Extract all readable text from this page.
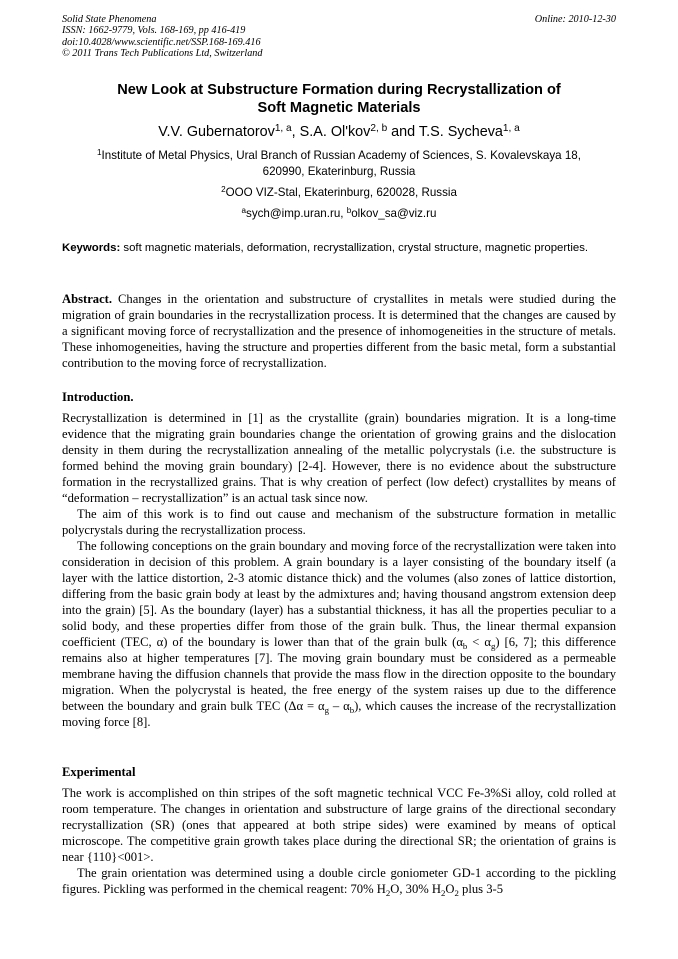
Solid State Phenomena
ISSN: 1662-9779, Vols. 168-169, pp 416-419
doi:10.4028/www.scientific.net/SSP.168-169.416
© 2011 Trans Tech Publications Ltd, Switzerland
Online: 2010-12-30
New Look at Substructure Formation during Recrystallization of
Soft Magnetic Materials
V.V. Gubernatorov$^{1, a}$, S.A. Ol'kov$^{2, b}$ and T.S. Sycheva$^{1, a}$
$^1$Institute of Metal Physics, Ural Branch of Russian Academy of Sciences, S. Kovalevskaya 18,
620990, Ekaterinburg, Russia
$^2$OOO VIZ-Stal, Ekaterinburg, 620028, Russia
$^a$sych@imp.uran.ru, $^b$olkov_sa@viz.ru
Keywords: soft magnetic materials, deformation, recrystallization, crystal structure, magnetic properties.

Abstract. Changes in the orientation and substructure of crystallites in metals were studied during the migration of grain boundaries in the recrystallization process. It is determined that the changes are caused by a significant moving force of recrystallization and the presence of inhomogeneities in the structure of metals. These inhomogeneities, having the structure and properties different from the basic metal, form a substantial contribution to the moving force of recrystallization.

Introduction.

Recrystallization is determined in [1] as the crystallite (grain) boundaries migration. It is a long-time evidence that the migrating grain boundaries change the orientation of growing grains and the dislocation density in them during the recrystallization annealing of the metallic polycrystals (i.e. the substructure is formed behind the moving grain boundary) [2-4]. However, there is no evidence about the substructure formation in the recrystallized grains. That is why creation of perfect (low defect) crystallites by means of “deformation – recrystallization” is an actual task since now.

The aim of this work is to find out cause and mechanism of the substructure formation in metallic polycrystals during the recrystallization process.

The following conceptions on the grain boundary and moving force of the recrystallization were taken into consideration in decision of this problem. A grain boundary is a layer consisting of the boundary itself (a layer with the lattice distortion, 2-3 atomic distance thick) and the volumes (also zones of lattice distortion, differing from the basic grain body at least by the admixtures and; having thousand angstrom extension deep into the grain) [5]. As the boundary (layer) has a substantial thickness, it has all the properties peculiar to a solid body, and these properties differ from those of the grain bulk. Thus, the linear thermal expansion coefficient (TEC, α) of the boundary is lower than that of the grain bulk $(\alpha_b < \alpha_g)$ [6, 7]; this difference remains also at higher temperatures [7]. The moving grain boundary must be considered as a permeable membrane having the diffusion channels that provide the mass flow in the direction opposite to the boundary migration. When the polycrystal is heated, the free energy of the system raises up due to the difference between the boundary and grain bulk TEC $(\Delta\alpha = \alpha_g - \alpha_b)$, which causes the increase of the recrystallization moving force [8].

Experimental

The work is accomplished on thin stripes of the soft magnetic technical VCC Fe-3%Si alloy, cold rolled at room temperature. The changes in orientation and substructure of large grains of the directional secondary recrystallization (SR) (ones that appeared at both stripe sides) were examined by means of optical microscope. The competitive grain growth takes place during the directional SR; the orientation of grains is near {110}<001>.

The grain orientation was determined using a double circle goniometer GD-1 according to the pickling figures. Pickling was performed in the chemical reagent: 70% $H_2O$, 30% $H_2O_2$ plus 3-5
